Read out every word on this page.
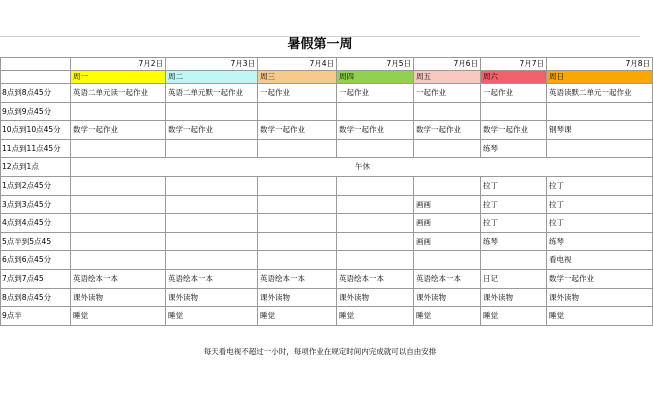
暑假第一周
	7月2日	7月3日	7月4日	7月5日	7月6日	7月7日	7月8日
	周一	周二	周三	周四	周五	周六	周日
8点到8点45分	英语二单元读一起作业	英语二单元默一起作业	一起作业	一起作业	一起作业	一起作业	英语读默二单元一起作业
9点到9点45分							
10点到10点45分	数学一起作业	数学一起作业	数学一起作业	数学一起作业	数学一起作业	数学一起作业	钢琴课
11点到11点45分						练琴	
12点到1点	午休						
1点到2点45分						拉丁	拉丁
3点到3点45分					画画	拉丁	拉丁
4点到4点45分					画画	拉丁	拉丁
5点半到5点45					画画	练琴	练琴
6点到6点45分							看电视
7点到7点45	英语绘本一本	英语绘本一本	英语绘本一本	英语绘本一本	英语绘本一本	日记	数学一起作业
8点到8点45分	课外读物	课外读物	课外读物	课外读物	课外读物	课外读物	课外读物
9点半	睡觉	睡觉	睡觉	睡觉	睡觉	睡觉	睡觉
每天看电视不超过一小时，每项作业在规定时间内完成就可以自由安排
